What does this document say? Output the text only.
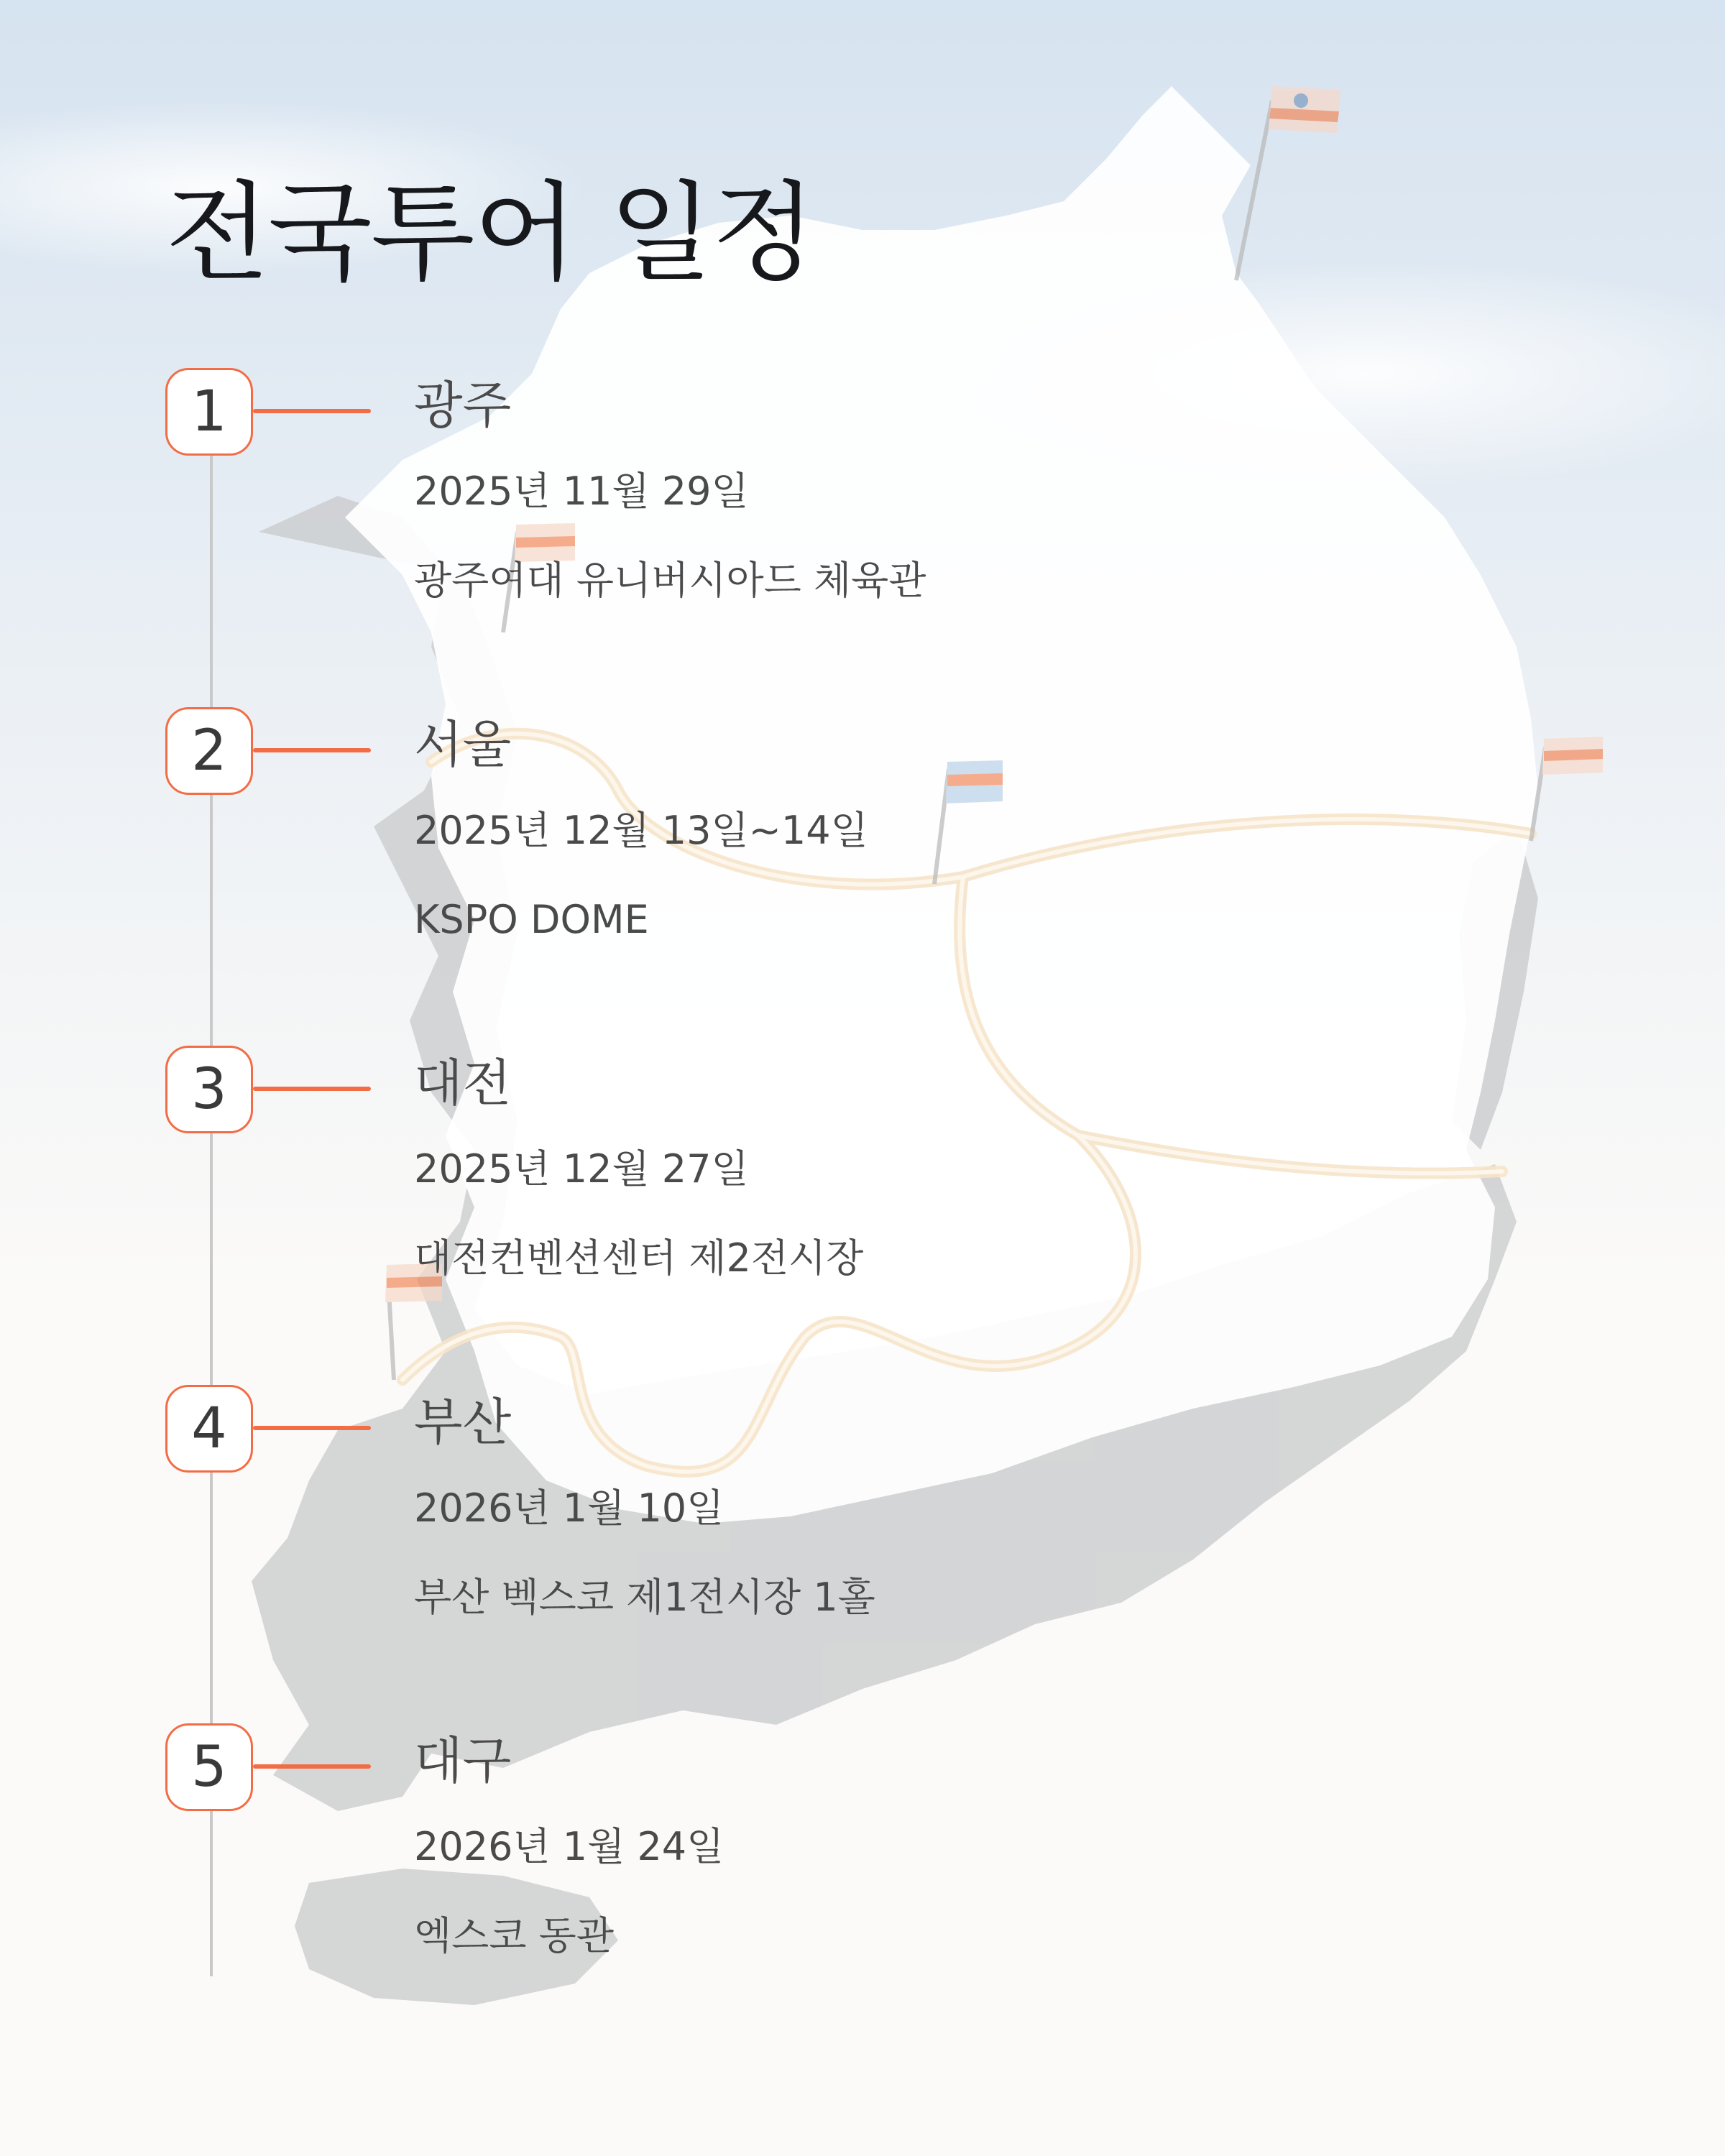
전국투어 일정
1	광주
2025년 11월 29일
광주여대 유니버시아드 체육관
2	서울
2025년 12월 13일~14일
KSPO DOME
3	대전
2025년 12월 27일
대전컨벤션센터 제2전시장
4	부산
2026년 1월 10일
부산 벡스코 제1전시장 1홀
5	대구
2026년 1월 24일
엑스코 동관
